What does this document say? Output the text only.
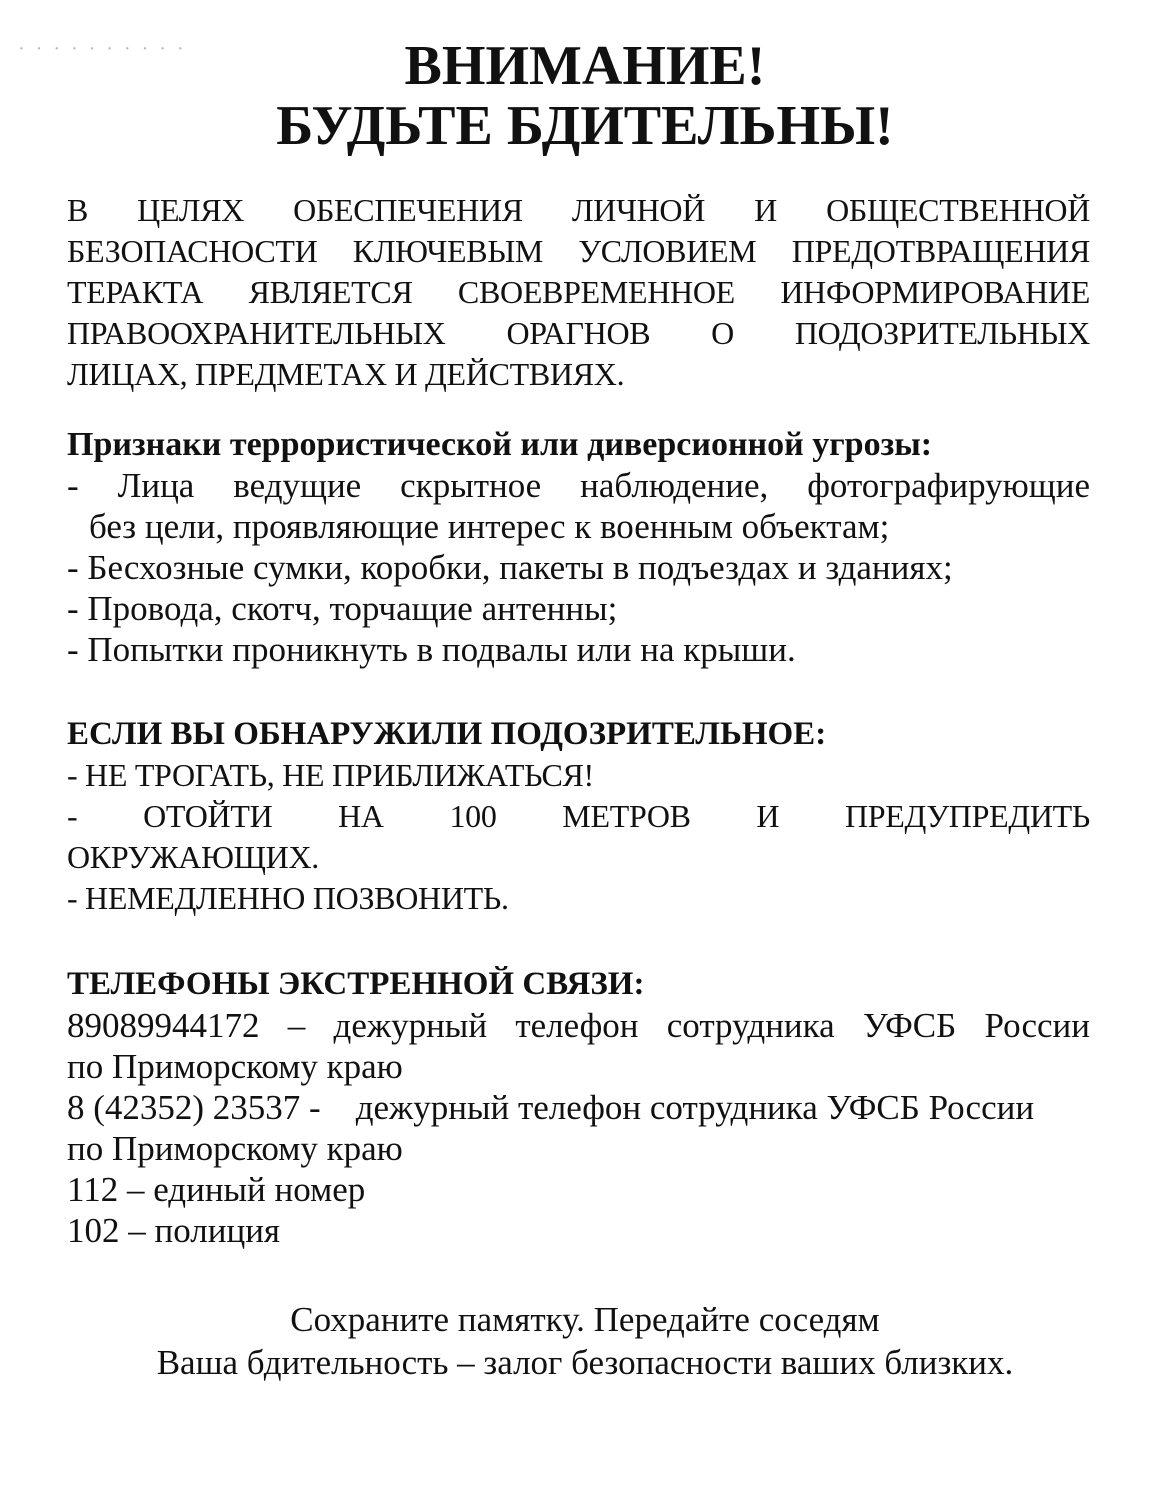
· · · · · · · · · ·	ВНИМАНИЕ!
БУДЬТЕ БДИТЕЛЬНЫ!
В ЦЕЛЯХ ОБЕСПЕЧЕНИЯ ЛИЧНОЙ И ОБЩЕСТВЕННОЙ
БЕЗОПАСНОСТИ КЛЮЧЕВЫМ УСЛОВИЕМ ПРЕДОТВРАЩЕНИЯ
ТЕРАКТА ЯВЛЯЕТСЯ СВОЕВРЕМЕННОЕ ИНФОРМИРОВАНИЕ
ПРАВООХРАНИТЕЛЬНЫХ ОРАГНОВ О ПОДОЗРИТЕЛЬНЫХ
ЛИЦАХ, ПРЕДМЕТАХ И ДЕЙСТВИЯХ.
Признаки террористической или диверсионной угрозы:
- Лица ведущие скрытное наблюдение, фотографирующие
без цели, проявляющие интерес к военным объектам;
- Бесхозные сумки, коробки, пакеты в подъездах и зданиях;
- Провода, скотч, торчащие антенны;
- Попытки проникнуть в подвалы или на крыши.
ЕСЛИ ВЫ ОБНАРУЖИЛИ ПОДОЗРИТЕЛЬНОЕ:
- НЕ ТРОГАТЬ, НЕ ПРИБЛИЖАТЬСЯ!
- ОТОЙТИ НА 100 МЕТРОВ И ПРЕДУПРЕДИТЬ
ОКРУЖАЮЩИХ.
- НЕМЕДЛЕННО ПОЗВОНИТЬ.
ТЕЛЕФОНЫ ЭКСТРЕННОЙ СВЯЗИ:
89089944172 – дежурный телефон сотрудника УФСБ России
по Приморскому краю
8 (42352) 23537 -    дежурный телефон сотрудника УФСБ России
по Приморскому краю
112 – единый номер
102 – полиция
Сохраните памятку. Передайте соседям
Ваша бдительность – залог безопасности ваших близких.
